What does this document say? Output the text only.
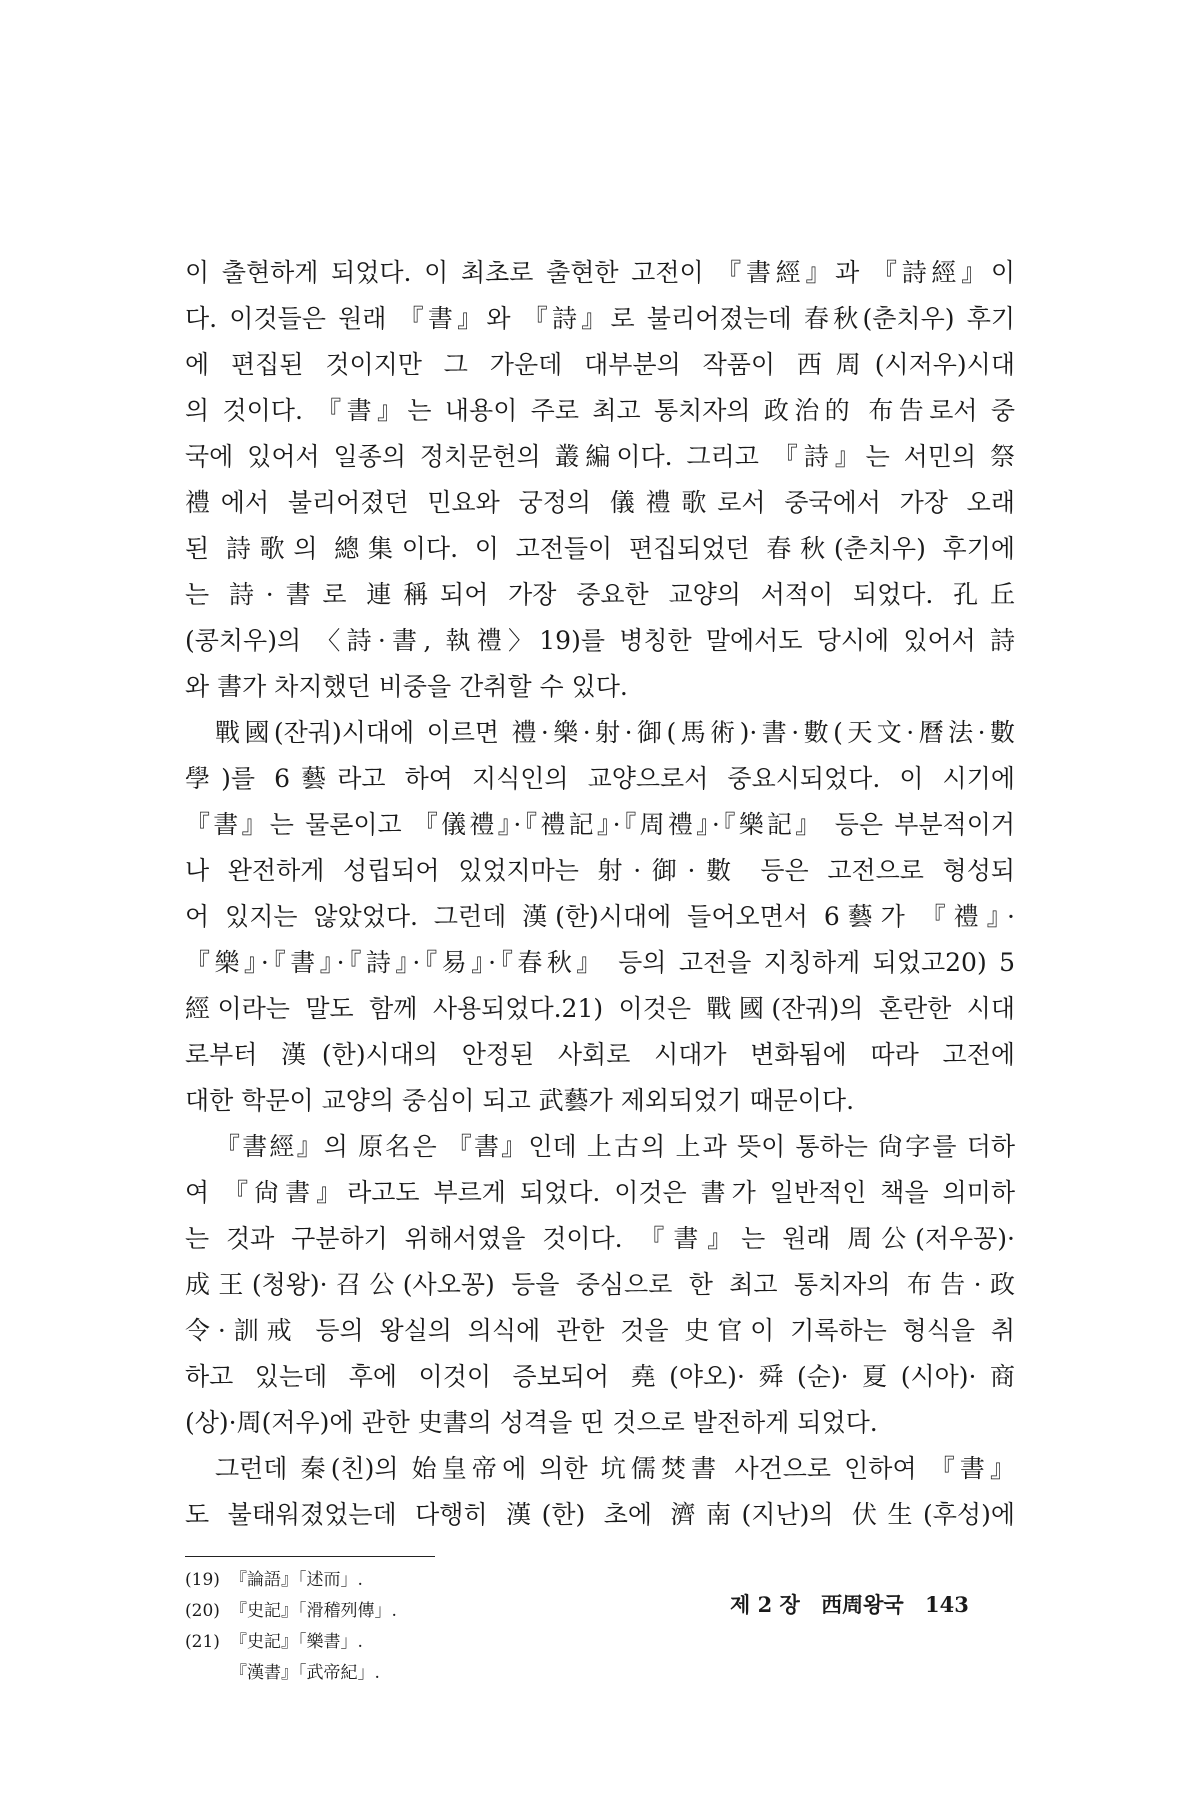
이 출현하게 되었다. 이 최초로 출현한 고전이 『書經』과 『詩經』이

다. 이것들은 원래 『書』와 『詩』로 불리어졌는데 春秋(춘치우) 후기

에 편집된 것이지만 그 가운데 대부분의 작품이 西周(시저우)시대

의 것이다. 『書』는 내용이 주로 최고 통치자의 政治的 布告로서 중

국에 있어서 일종의 정치문헌의 叢編이다. 그리고 『詩』는 서민의 祭

禮에서 불리어졌던 민요와 궁정의 儀禮歌로서 중국에서 가장 오래

된 詩歌의 總集이다. 이 고전들이 편집되었던 春秋(춘치우) 후기에

는 詩·書로 連稱되어 가장 중요한 교양의 서적이 되었다. 孔丘

(콩치우)의 〈詩·書, 執禮〉19)를 병칭한 말에서도 당시에 있어서 詩

와 書가 차지했던 비중을 간취할 수 있다.

戰國(잔궈)시대에 이르면 禮·樂·射·御(馬術)·書·數(天文·曆法·數

學)를 6藝라고 하여 지식인의 교양으로서 중요시되었다. 이 시기에

『書』는 물론이고 『儀禮』·『禮記』·『周禮』·『樂記』 등은 부분적이거

나 완전하게 성립되어 있었지마는 射·御·數 등은 고전으로 형성되

어 있지는 않았었다. 그런데 漢(한)시대에 들어오면서 6藝가 『禮』·

『樂』·『書』·『詩』·『易』·『春秋』 등의 고전을 지칭하게 되었고20) 5

經이라는 말도 함께 사용되었다.21) 이것은 戰國(잔궈)의 혼란한 시대

로부터 漢(한)시대의 안정된 사회로 시대가 변화됨에 따라 고전에

대한 학문이 교양의 중심이 되고 武藝가 제외되었기 때문이다.

『書經』의 原名은 『書』인데 上古의 上과 뜻이 통하는 尙字를 더하

여 『尙書』라고도 부르게 되었다. 이것은 書가 일반적인 책을 의미하

는 것과 구분하기 위해서였을 것이다. 『書』는 원래 周公(저우꽁)·

成王(청왕)·召公(사오꽁) 등을 중심으로 한 최고 통치자의 布告·政

令·訓戒 등의 왕실의 의식에 관한 것을 史官이 기록하는 형식을 취

하고 있는데 후에 이것이 증보되어 堯(야오)·舜(순)·夏(시아)·商

(상)·周(저우)에 관한 史書의 성격을 띤 것으로 발전하게 되었다.

그런데 秦(친)의 始皇帝에 의한 坑儒焚書 사건으로 인하여 『書』

도 불태워졌었는데 다행히 漢(한) 초에 濟南(지난)의 伏生(후성)에

(19) 『論語』「述而」.
(20) 『史記』「滑稽列傳」.
(21) 『史記』「樂書」.
『漢書』「武帝紀」.
제 2 장 西周왕국 143
